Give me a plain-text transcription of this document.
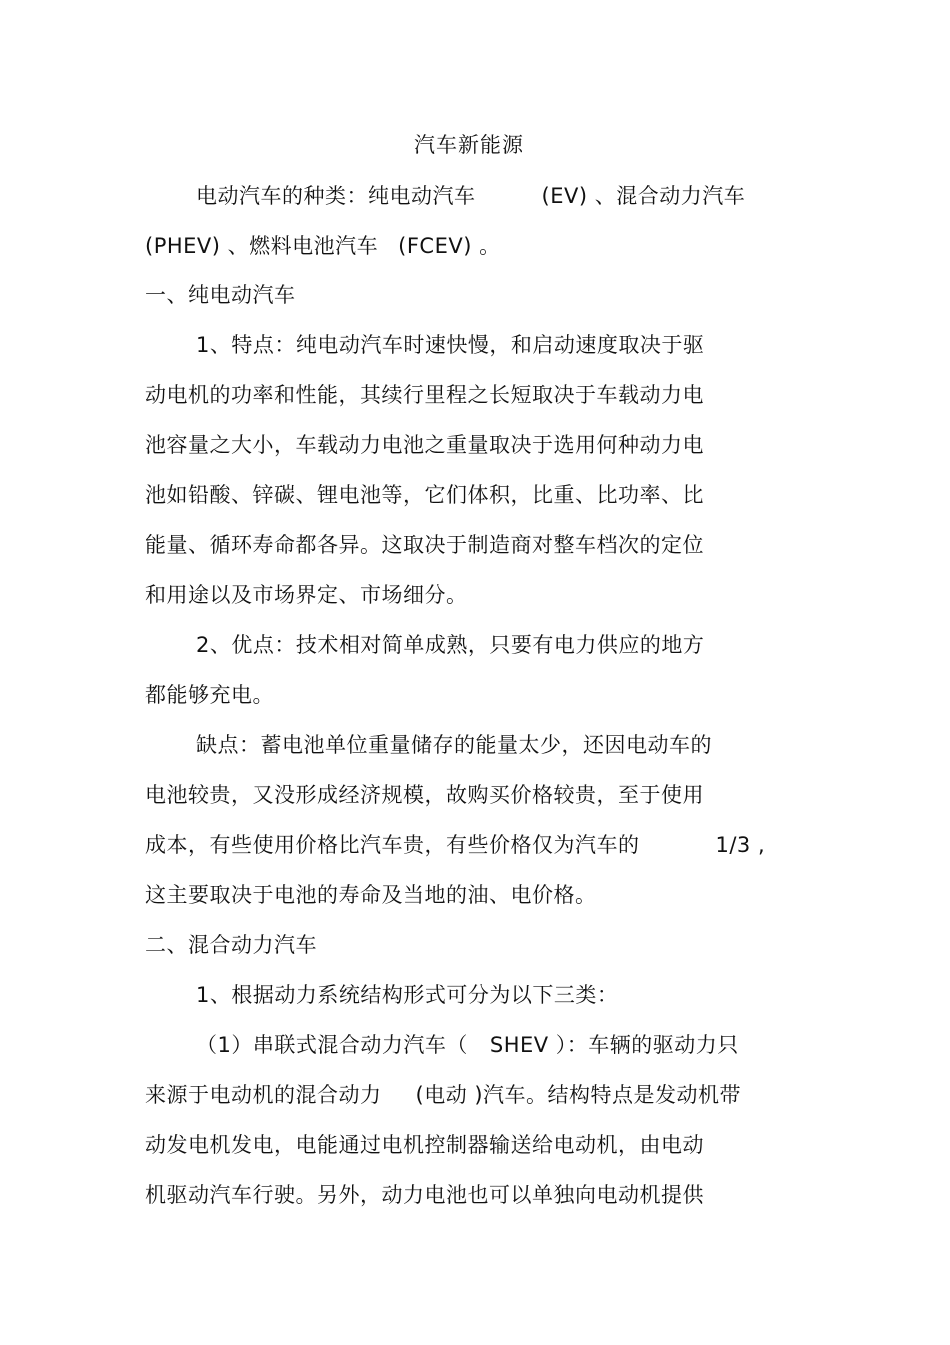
汽车新能源
电动汽车的种类：纯电动汽车	(EV) 、混合动力汽车
(PHEV) 、燃料电池汽车 (FCEV) 。
一、纯电动汽车
1、特点：纯电动汽车时速快慢，和启动速度取决于驱
动电机的功率和性能，其续行里程之长短取决于车载动力电
池容量之大小，车载动力电池之重量取决于选用何种动力电
池如铅酸、锌碳、锂电池等，它们体积，比重、比功率、比
能量、循环寿命都各异。这取决于制造商对整车档次的定位
和用途以及市场界定、市场细分。
2、优点：技术相对简单成熟，只要有电力供应的地方
都能够充电。
缺点：蓄电池单位重量储存的能量太少，还因电动车的
电池较贵，又没形成经济规模，故购买价格较贵，至于使用
成本，有些使用价格比汽车贵，有些价格仅为汽车的	1/3 ,
这主要取决于电池的寿命及当地的油、电价格。
二、混合动力汽车
1、根据动力系统结构形式可分为以下三类：
（1）串联式混合动力汽车（ SHEV ）：车辆的驱动力只
来源于电动机的混合动力 (电动 )汽车。结构特点是发动机带
动发电机发电，电能通过电机控制器输送给电动机，由电动
机驱动汽车行驶。另外，动力电池也可以单独向电动机提供
